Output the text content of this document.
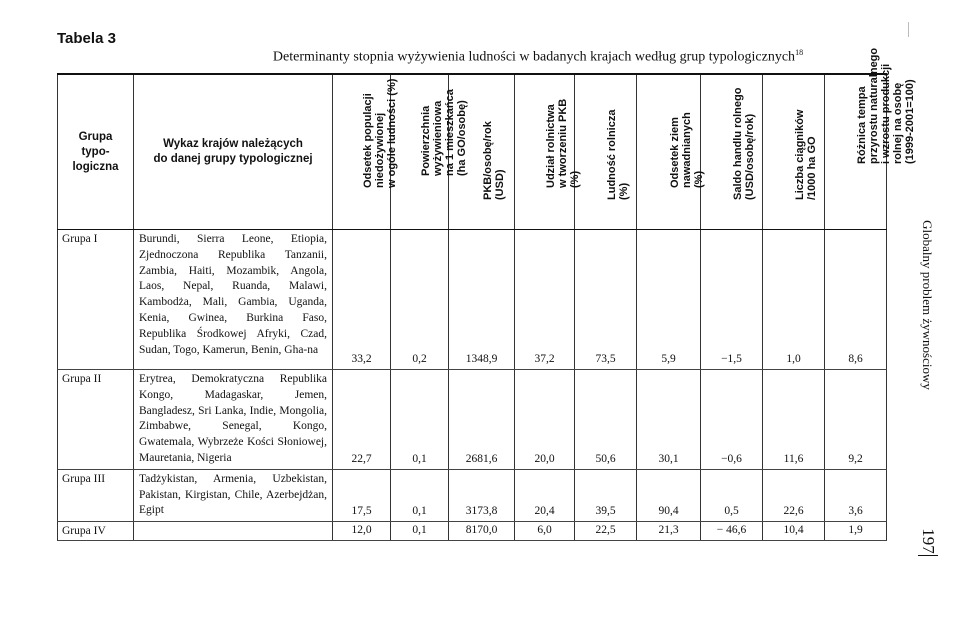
Tabela 3
Determinanty stopnia wyżywienia ludności w badanych krajach według grup typologicznych$^{18}$
Grupa
typo-
logiczna	Wykaz krajów należących
do danej grupy typologicznej	Odsetek populacji
niedożywionej
w ogóle ludności (%)	Powierzchnia
wyżywieniowa
na 1 mieszkańca
(ha GO/osobę)	PKB/osobę/rok
(USD)	Udział rolnictwa
w tworzeniu PKB
(%)	Ludność rolnicza
(%)	Odsetek ziem
nawadnianych
(%)	Saldo handlu rolnego
(USD/osobę/rok)	Liczba ciągników
/1000 ha GO	Różnica tempa
przyrostu naturalnego
i wzrostu produkcji
rolnej na osobę
(1999-2001=100)

Grupa I	Burundi, Sierra Leone, Etiopia, Zjednoczona Republika Tanzanii, Zambia, Haiti, Mozambik, Angola, Laos, Nepal, Ruanda, Malawi, Kambodża, Mali, Gambia, Uganda, Kenia, Gwinea, Burkina Faso, Republika Środkowej Afryki, Czad, Sudan, Togo, Kamerun, Benin, Gha-na	33,2	0,2	1348,9	37,2	73,5	5,9	−1,5	1,0	8,6
Grupa II	Erytrea, Demokratyczna Republika Kongo, Madagaskar, Jemen, Bangladesz, Sri Lanka, Indie, Mongolia, Zimbabwe, Senegal, Kongo, Gwatemala, Wybrzeże Kości Słoniowej, Mauretania, Nigeria	22,7	0,1	2681,6	20,0	50,6	30,1	−0,6	11,6	9,2
Grupa III	Tadżykistan, Armenia, Uzbekistan, Pakistan, Kirgistan, Chile, Azerbejdżan, Egipt	17,5	0,1	3173,8	20,4	39,5	90,4	0,5	22,6	3,6
Grupa IV		12,0	0,1	8170,0	6,0	22,5	21,3	− 46,6	10,4	1,9
Globalny problem żywnościowy
197
